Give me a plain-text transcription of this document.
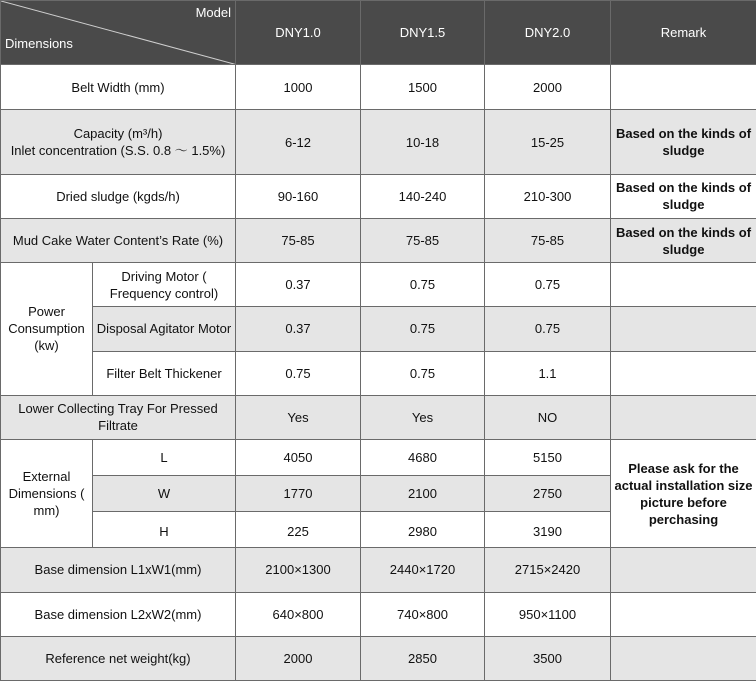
Model
Dimensions		DNY1.0	DNY1.5	DNY2.0	Remark
Belt Width (mm)		1000	1500	2000	

Capacity (m³/h)
Inlet concentration (S.S. 0.8 ～ 1.5%)		6-12	10-18	15-25	Based on the kinds of sludge
Dried sludge (kgds/h)		90-160	140-240	210-300	Based on the kinds of sludge
Mud Cake Water Content’s Rate (%)		75-85	75-85	75-85	Based on the kinds of sludge
Power Consumption (kw)	Driving Motor ( Frequency control)	0.37	0.75	0.75	
	Disposal Agitator Motor	0.37	0.75	0.75	
	Filter Belt Thickener	0.75	0.75	1.1	
Lower Collecting Tray For Pressed Filtrate		Yes	Yes	NO	
External Dimensions ( mm)	L	4050	4680	5150	Please ask for the actual installation size picture before perchasing
	W	1770	2100	2750	
	H	225	2980	3190	
Base dimension L1xW1(mm)		2100×1300	2440×1720	2715×2420	
Base dimension L2xW2(mm)		640×800	740×800	950×1100	
Reference net weight(kg)		2000	2850	3500	
